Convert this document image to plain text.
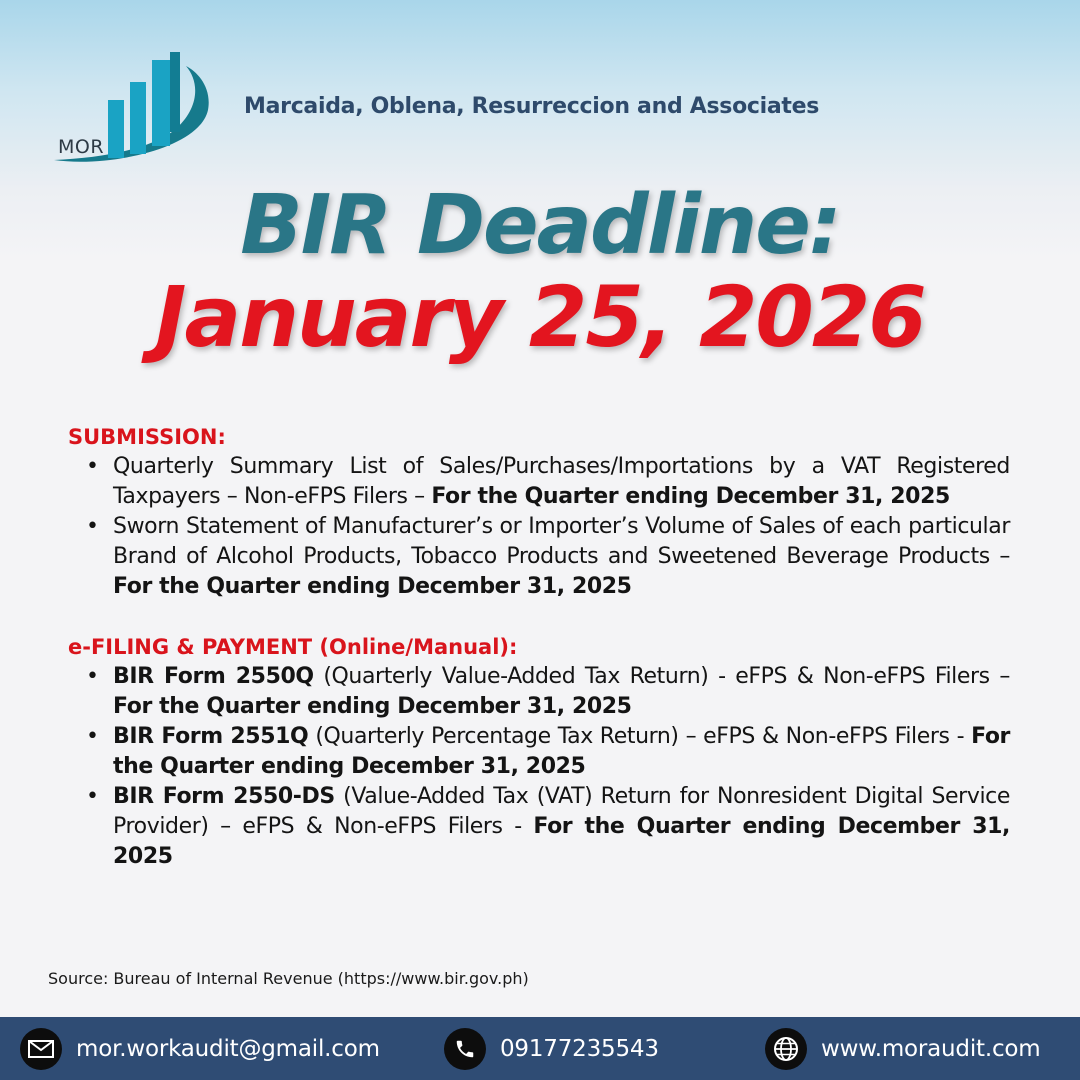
MOR
Marcaida, Oblena, Resurreccion and Associates
BIR Deadline:
January 25, 2026
SUBMISSION:
• Quarterly Summary List of Sales/Purchases/Importations by a VAT Registered Taxpayers – Non-eFPS Filers – For the Quarter ending December 31, 2025
• Sworn Statement of Manufacturer’s or Importer’s Volume of Sales of each particular Brand of Alcohol Products, Tobacco Products and Sweetened Beverage Products – For the Quarter ending December 31, 2025
e-FILING & PAYMENT (Online/Manual):
• BIR Form 2550Q (Quarterly Value-Added Tax Return) - eFPS & Non-eFPS Filers – For the Quarter ending December 31, 2025
• BIR Form 2551Q (Quarterly Percentage Tax Return) – eFPS & Non-eFPS Filers - For the Quarter ending December 31, 2025
• BIR Form 2550-DS (Value-Added Tax (VAT) Return for Nonresident Digital Service Provider) – eFPS & Non-eFPS Filers - For the Quarter ending December 31, 2025
Source: Bureau of Internal Revenue (https://www.bir.gov.ph)
mor.workaudit@gmail.com	09177235543	www.moraudit.com
